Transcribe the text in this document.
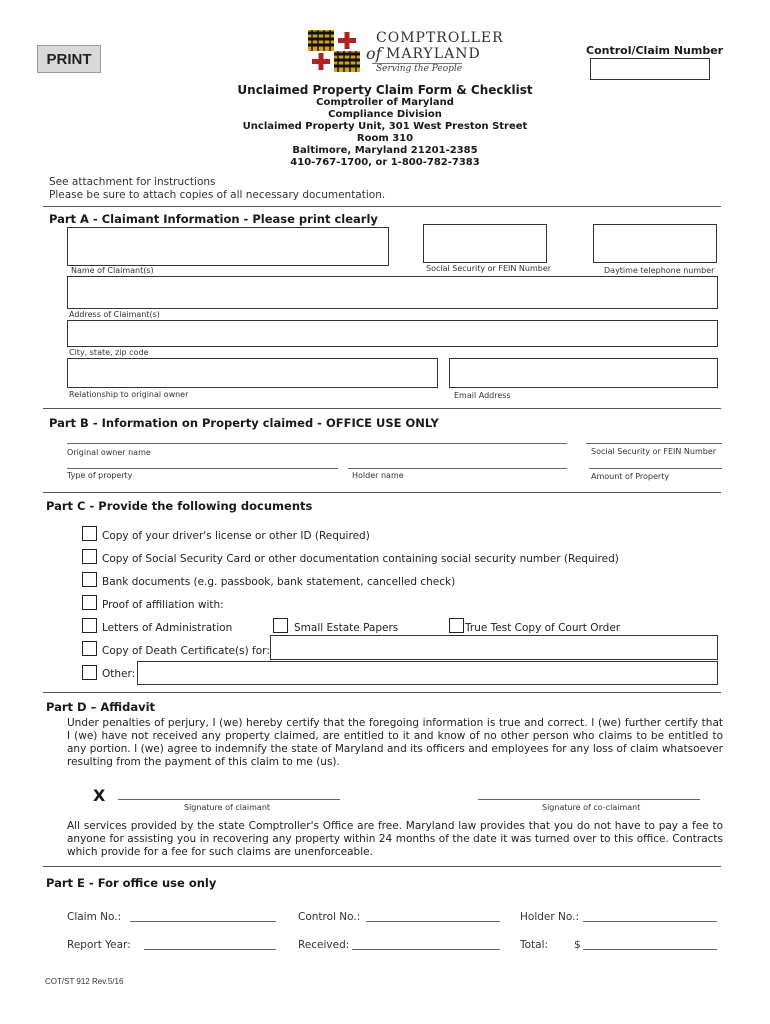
PRINT
COMPTROLLER
of MARYLAND
Serving the People
Control/Claim Number
Unclaimed Property Claim Form & Checklist
Comptroller of Maryland
Compliance Division
Unclaimed Property Unit, 301 West Preston Street
Room 310
Baltimore, Maryland 21201-2385
410-767-1700, or 1-800-782-7383
See attachment for instructions
Please be sure to attach copies of all necessary documentation.
Part A - Claimant Information - Please print clearly
Name of Claimant(s)	Social Security or FEIN Number	Daytime telephone number
Address of Claimant(s)
City, state, zip code
Relationship to original owner	Email Address
Part B - Information on Property claimed - OFFICE USE ONLY
Original owner name	Social Security or FEIN Number
Type of property	Holder name	Amount of Property
Part C - Provide the following documents
Copy of your driver's license or other ID (Required)
Copy of Social Security Card or other documentation containing social security number (Required)
Bank documents (e.g. passbook, bank statement, cancelled check)
Proof of affiliation with:
Letters of Administration	Small Estate Papers	True Test Copy of Court Order
Copy of Death Certificate(s) for:
Other:
Part D – Affidavit
Under penalties of perjury, I (we) hereby certify that the foregoing information is true and correct. I (we) further certify that I (we) have not received any property claimed, are entitled to it and know of no other person who claims to be entitled to any portion. I (we) agree to indemnify the state of Maryland and its officers and employees for any loss of claim whatsoever resulting from the payment of this claim to me (us).
X
Signature of claimant	Signature of co-claimant
All services provided by the state Comptroller's Office are free. Maryland law provides that you do not have to pay a fee to anyone for assisting you in recovering any property within 24 months of the date it was turned over to this office. Contracts which provide for a fee for such claims are unenforceable.
Part E - For office use only
Claim No.:	Control No.:	Holder No.:
Report Year:	Received:	Total: $
COT/ST 912 Rev.5/16
